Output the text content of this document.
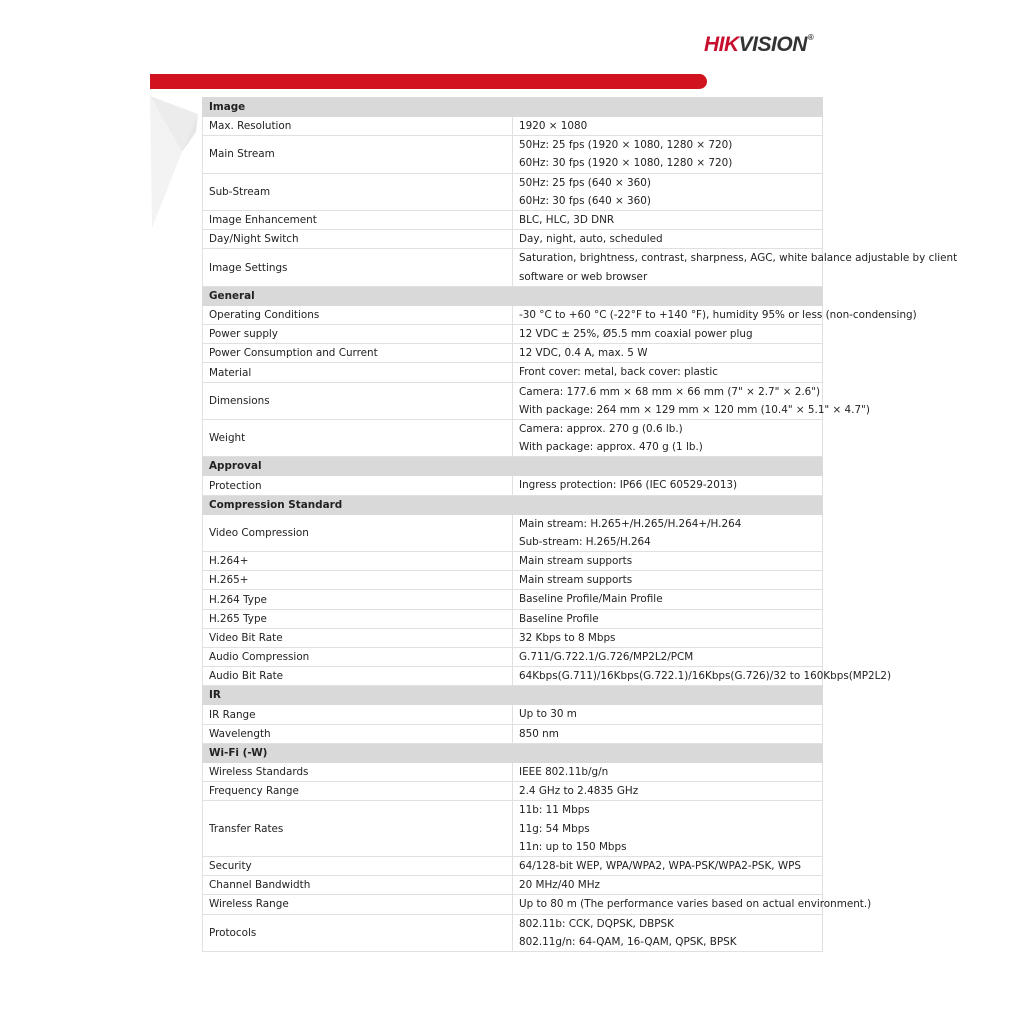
HIKVISION®
Image	
Max. Resolution	1920 × 1080

Main Stream	50Hz: 25 fps (1920 × 1080, 1280 × 720)
60Hz: 30 fps (1920 × 1080, 1280 × 720)

Sub-Stream	50Hz: 25 fps (640 × 360)
60Hz: 30 fps (640 × 360)

Image Enhancement	BLC, HLC, 3D DNR

Day/Night Switch	Day, night, auto, scheduled

Image Settings	Saturation, brightness, contrast, sharpness, AGC, white balance adjustable by client
software or web browser

General	
Operating Conditions	-30 °C to +60 °C (-22°F to +140 °F), humidity 95% or less (non-condensing)

Power supply	12 VDC ± 25%, Ø5.5 mm coaxial power plug

Power Consumption and Current	12 VDC, 0.4 A, max. 5 W

Material	Front cover: metal, back cover: plastic

Dimensions	Camera: 177.6 mm × 68 mm × 66 mm (7" × 2.7" × 2.6")
With package: 264 mm × 129 mm × 120 mm (10.4" × 5.1" × 4.7")

Weight	Camera: approx. 270 g (0.6 lb.)
With package: approx. 470 g (1 lb.)

Approval	
Protection	Ingress protection: IP66 (IEC 60529-2013)

Compression Standard	
Video Compression	Main stream: H.265+/H.265/H.264+/H.264
Sub-stream: H.265/H.264

H.264+	Main stream supports

H.265+	Main stream supports

H.264 Type	Baseline Profile/Main Profile

H.265 Type	Baseline Profile

Video Bit Rate	32 Kbps to 8 Mbps

Audio Compression	G.711/G.722.1/G.726/MP2L2/PCM

Audio Bit Rate	64Kbps(G.711)/16Kbps(G.722.1)/16Kbps(G.726)/32 to 160Kbps(MP2L2)

IR	
IR Range	Up to 30 m

Wavelength	850 nm

Wi-Fi (-W)	
Wireless Standards	IEEE 802.11b/g/n

Frequency Range	2.4 GHz to 2.4835 GHz

Transfer Rates	11b: 11 Mbps
11g: 54 Mbps
11n: up to 150 Mbps

Security	64/128-bit WEP, WPA/WPA2, WPA-PSK/WPA2-PSK, WPS

Channel Bandwidth	20 MHz/40 MHz

Wireless Range	Up to 80 m (The performance varies based on actual environment.)

Protocols	802.11b: CCK, DQPSK, DBPSK
802.11g/n: 64-QAM, 16-QAM, QPSK, BPSK
